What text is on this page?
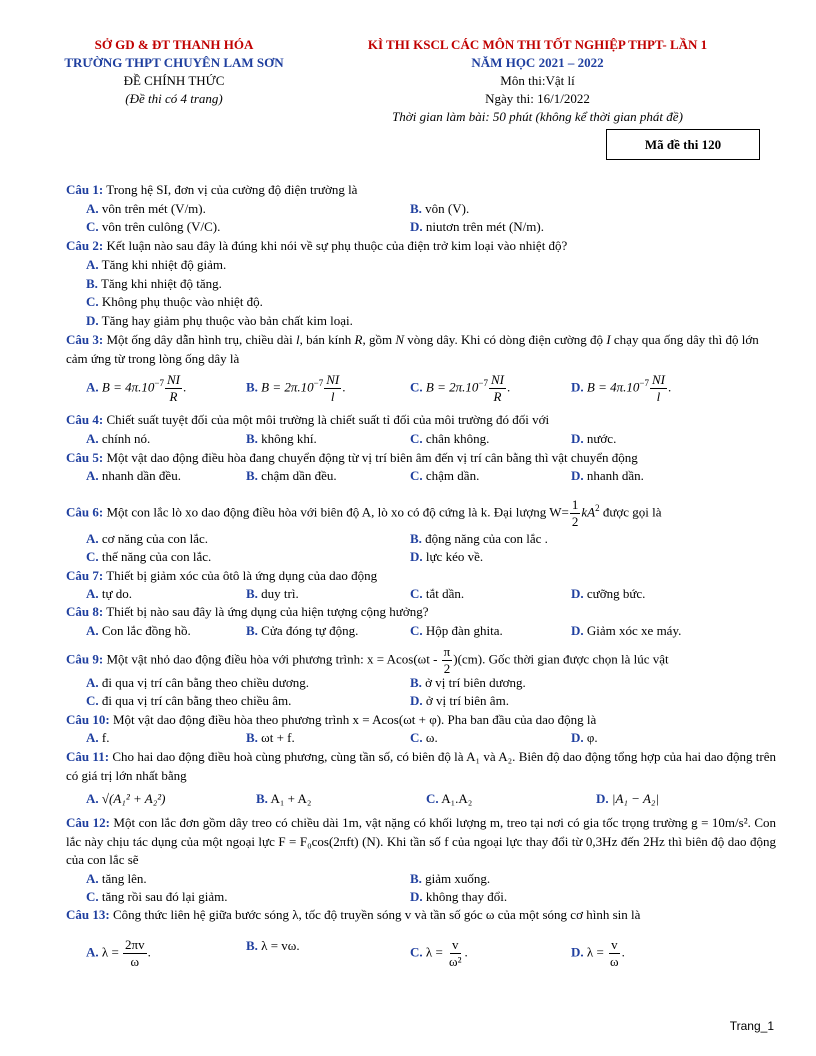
SỞ GD & ĐT THANH HÓA
TRƯỜNG THPT CHUYÊN LAM SƠN
ĐỀ CHÍNH THỨC
(Đề thi có 4 trang)
KÌ THI KSCL CÁC MÔN THI TỐT NGHIỆP THPT- LẦN 1
NĂM HỌC 2021 – 2022
Môn thi:Vật lí
Ngày thi: 16/1/2022
Thời gian làm bài: 50 phút (không kể thời gian phát đề)
Mã đề thi 120
Câu 1: Trong hệ SI, đơn vị của cường độ điện trường là
A. vôn trên mét (V/m).	B. vôn (V).
C. vôn trên culông (V/C).	D. niutơn trên mét (N/m).
Câu 2: Kết luận nào sau đây là đúng khi nói về sự phụ thuộc của điện trở kim loại vào nhiệt độ?
A. Tăng khi nhiệt độ giảm.
B. Tăng khi nhiệt độ tăng.
C. Không phụ thuộc vào nhiệt độ.
D. Tăng hay giảm phụ thuộc vào bản chất kim loại.
Câu 3: Một ống dây dẫn hình trụ, chiều dài l, bán kính R, gồm N vòng dây. Khi có dòng điện cường độ I chạy qua ống dây thì độ lớn cảm ứng từ trong lòng ống dây là
A. $B = 4\pi.10^{-7} \frac{NI}{R}$ .	B. $B = 2\pi.10^{-7} \frac{NI}{l}$ .	C. $B = 2\pi.10^{-7} \frac{NI}{R}$ .	D. $B = 4\pi.10^{-7} \frac{NI}{l}$ .
Câu 4: Chiết suất tuyệt đối của một môi trường là chiết suất tỉ đối của môi trường đó đối với
A. chính nó.	B. không khí.	C. chân không.	D. nước.
Câu 5: Một vật dao động điều hòa đang chuyển động từ vị trí biên âm đến vị trí cân bằng thì vật chuyển động
A. nhanh dần đều.	B. chậm dần đều.	C. chậm dần.	D. nhanh dần.
Câu 6: Một con lắc lò xo dao động điều hòa với biên độ A, lò xo có độ cứng là k. Đại lượng $W= \frac{1}{2} kA^2$ được gọi là
A. cơ năng của con lắc.	B. động năng của con lắc .
C. thế năng của con lắc.	D. lực kéo về.
Câu 7: Thiết bị giảm xóc của ôtô là ứng dụng của dao động
A. tự do.	B. duy trì.	C. tắt dần.	D. cưỡng bức.
Câu 8: Thiết bị nào sau đây là ứng dụng của hiện tượng cộng hưởng?
A. Con lắc đồng hồ.	B. Cửa đóng tự động.	C. Hộp đàn ghita.	D. Giảm xóc xe máy.
Câu 9: Một vật nhỏ dao động điều hòa với phương trình: $x = Acos(\omega t - \frac{\pi}{2} )(cm)$. Gốc thời gian được chọn là lúc vật
A. đi qua vị trí cân bằng theo chiều dương.	B. ở vị trí biên dương.
C. đi qua vị trí cân bằng theo chiều âm.	D. ở vị trí biên âm.
Câu 10: Một vật dao động điều hòa theo phương trình x = Acos(ωt + φ). Pha ban đầu của dao động là
A. f.	B. ωt + f.	C. ω.	D. φ.
Câu 11: Cho hai dao động điều hoà cùng phương, cùng tần số, có biên độ là A₁ và A₂. Biên độ dao động tổng hợp của hai dao động trên có giá trị lớn nhất bằng
A. √(A₁² + A₂²)	B. A₁ + A₂	C. A₁.A₂	D. |A₁ − A₂|
Câu 12: Một con lắc đơn gồm dây treo có chiều dài 1m, vật nặng có khối lượng m, treo tại nơi có gia tốc trọng trường g = 10m/s². Con lắc này chịu tác dụng của một ngoại lực F = F₀cos(2πft) (N). Khi tần số f của ngoại lực thay đổi từ 0,3Hz đến 2Hz thì biên độ dao động của con lắc sẽ
A. tăng lên.	B. giảm xuống.
C. tăng rồi sau đó lại giảm.	D. không thay đổi.
Câu 13: Công thức liên hệ giữa bước sóng λ, tốc độ truyền sóng v và tần số góc ω của một sóng cơ hình sin là
A. $\lambda = \frac{2\pi v}{\omega}$ .	B. λ = vω.	C. $\lambda = \frac{v}{\text{ω²}}$ .	D. $\lambda = \frac{v}{\omega}$ .
Trang_1
